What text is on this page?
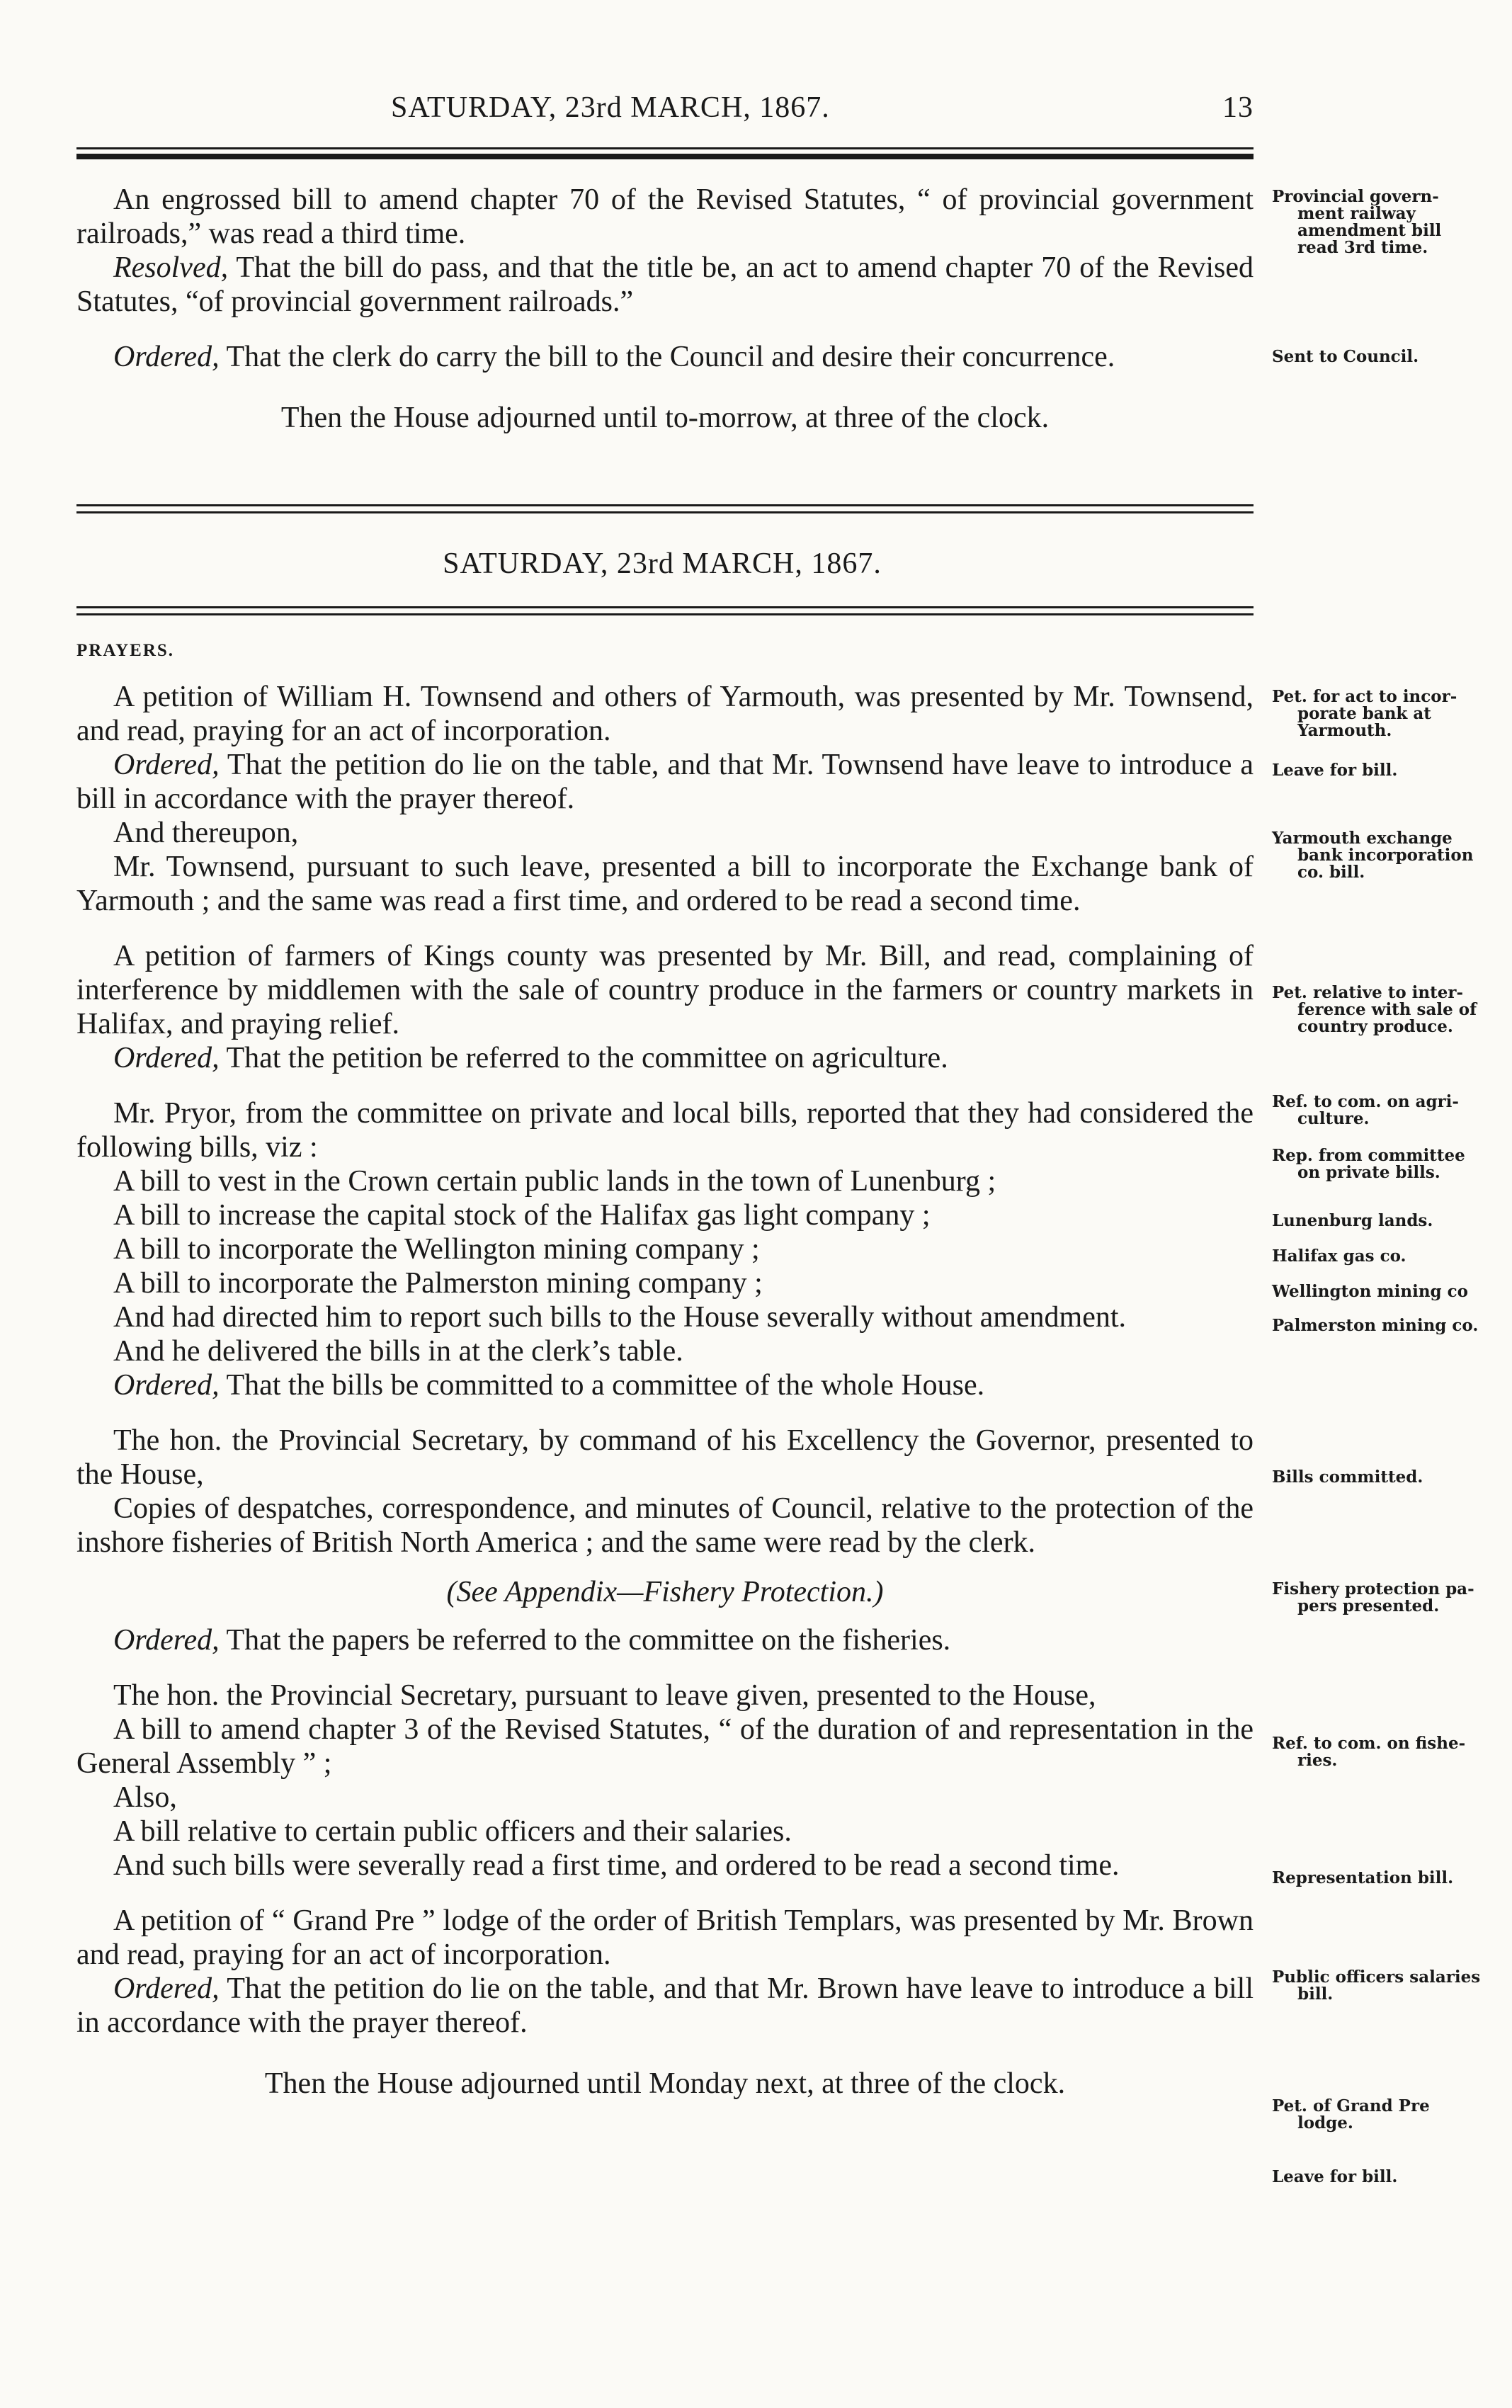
SATURDAY, 23rd MARCH, 1867.	13

An engrossed bill to amend chapter 70 of the Revised Statutes, “ of provincial government railroads,” was read a third time.

Resolved, That the bill do pass, and that the title be, an act to amend chapter 70 of the Revised Statutes, “of provincial government railroads.”

Ordered, That the clerk do carry the bill to the Council and desire their concurrence.

Then the House adjourned until to-morrow, at three of the clock.

SATURDAY, 23rd MARCH, 1867.
PRAYERS.

A petition of William H. Townsend and others of Yarmouth, was presented by Mr. Townsend, and read, praying for an act of incorporation.

Ordered, That the petition do lie on the table, and that Mr. Townsend have leave to introduce a bill in accordance with the prayer thereof.

And thereupon,

Mr. Townsend, pursuant to such leave, presented a bill to incorporate the Exchange bank of Yarmouth ; and the same was read a first time, and ordered to be read a second time.

A petition of farmers of Kings county was presented by Mr. Bill, and read, complaining of interference by middlemen with the sale of country produce in the farmers or country markets in Halifax, and praying relief.

Ordered, That the petition be referred to the committee on agriculture.

Mr. Pryor, from the committee on private and local bills, reported that they had considered the following bills, viz :

A bill to vest in the Crown certain public lands in the town of Lunenburg ;

A bill to increase the capital stock of the Halifax gas light company ;

A bill to incorporate the Wellington mining company ;

A bill to incorporate the Palmerston mining company ;

And had directed him to report such bills to the House severally without amendment.

And he delivered the bills in at the clerk’s table.

Ordered, That the bills be committed to a committee of the whole House.

The hon. the Provincial Secretary, by command of his Excellency the Governor, presented to the House,

Copies of despatches, correspondence, and minutes of Council, relative to the protection of the inshore fisheries of British North America ; and the same were read by the clerk.

(See Appendix—Fishery Protection.)

Ordered, That the papers be referred to the committee on the fisheries.

The hon. the Provincial Secretary, pursuant to leave given, presented to the House,

A bill to amend chapter 3 of the Revised Statutes, “ of the duration of and representation in the General Assembly ” ;

Also,

A bill relative to certain public officers and their salaries.

And such bills were severally read a first time, and ordered to be read a second time.

A petition of “ Grand Pre ” lodge of the order of British Templars, was presented by Mr. Brown and read, praying for an act of incorporation.

Ordered, That the petition do lie on the table, and that Mr. Brown have leave to introduce a bill in accordance with the prayer thereof.

Then the House adjourned until Monday next, at three of the clock.

Provincial govern-

ment railway
amendment bill
read 3rd time.
Sent to Council.
Pet. for act to incor-

porate bank at
Yarmouth.
Leave for bill.
Yarmouth exchange

bank incorporation
co. bill.
Pet. relative to inter-

ference with sale of
country produce.
Ref. to com. on agri-

culture.
Rep. from committee

on private bills.
Lunenburg lands.
Halifax gas co.
Wellington mining co
Palmerston mining co.
Bills committed.
Fishery protection pa-

pers presented.
Ref. to com. on fishe-

ries.
Representation bill.
Public officers salaries

bill.
Pet. of Grand Pre

lodge.
Leave for bill.
